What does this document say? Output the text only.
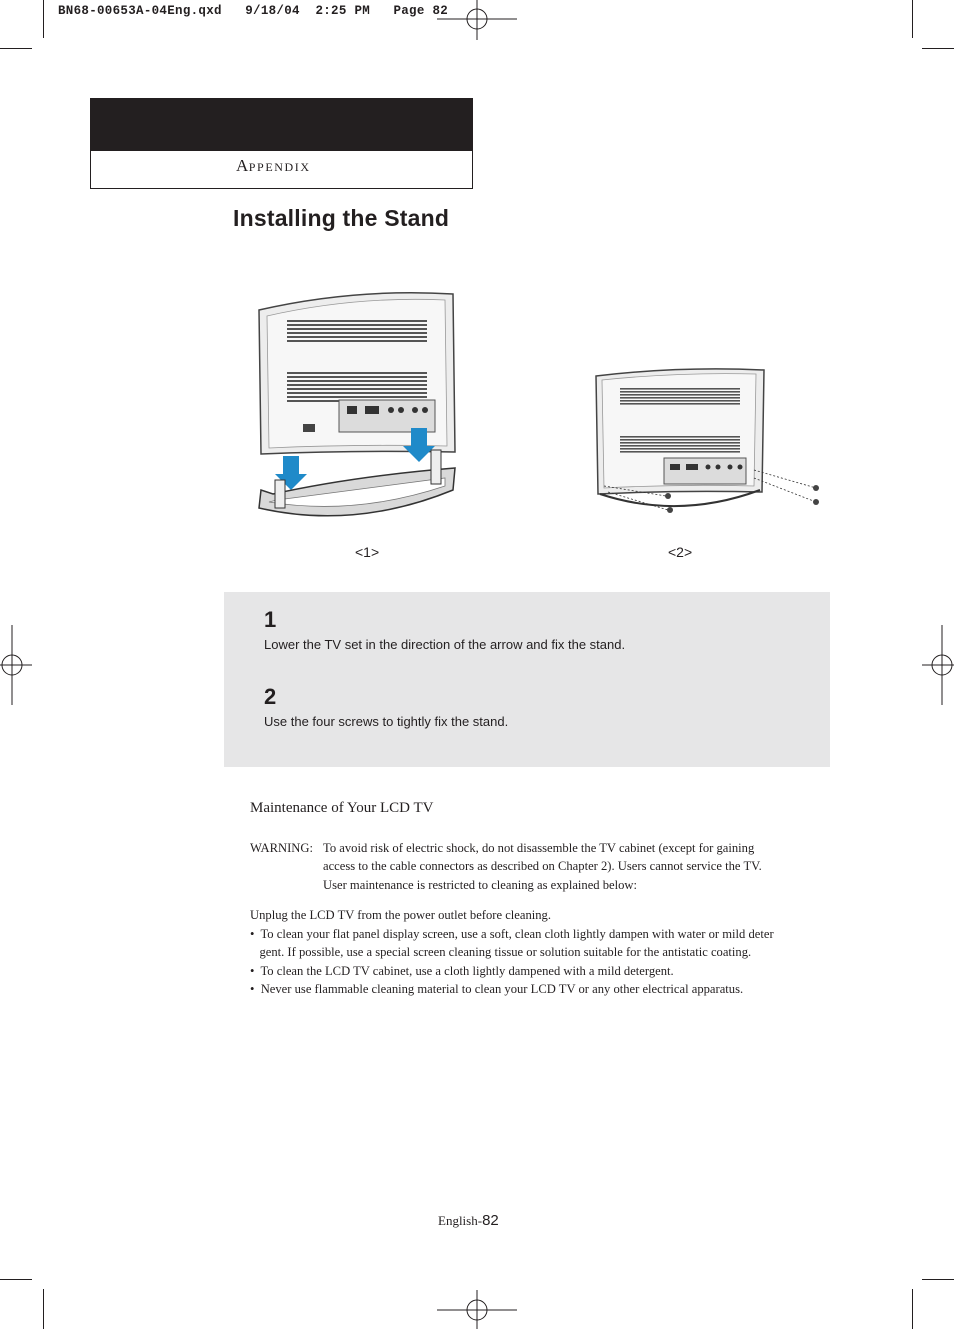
BN68-00653A-04Eng.qxd   9/18/04  2:25 PM   Page 82
APPENDIX
Installing the Stand
<1>	<2>
1
Lower the TV set in the direction of the arrow and fix the stand.
2
Use the four screws to tightly fix the stand.
Maintenance of Your LCD TV
WARNING: To avoid risk of electric shock, do not disassemble the TV cabinet (except for gaining
access to the cable connectors as described on Chapter 2). Users cannot service the TV.
User maintenance is restricted to cleaning as explained below:
Unplug the LCD TV from the power outlet before cleaning.
•  To clean your flat panel display screen, use a soft, clean cloth lightly dampen with water or mild deter
gent. If possible, use a special screen cleaning tissue or solution suitable for the antistatic coating.
•  To clean the LCD TV cabinet, use a cloth lightly dampened with a mild detergent.
•  Never use flammable cleaning material to clean your LCD TV or any other electrical apparatus.
English-82
